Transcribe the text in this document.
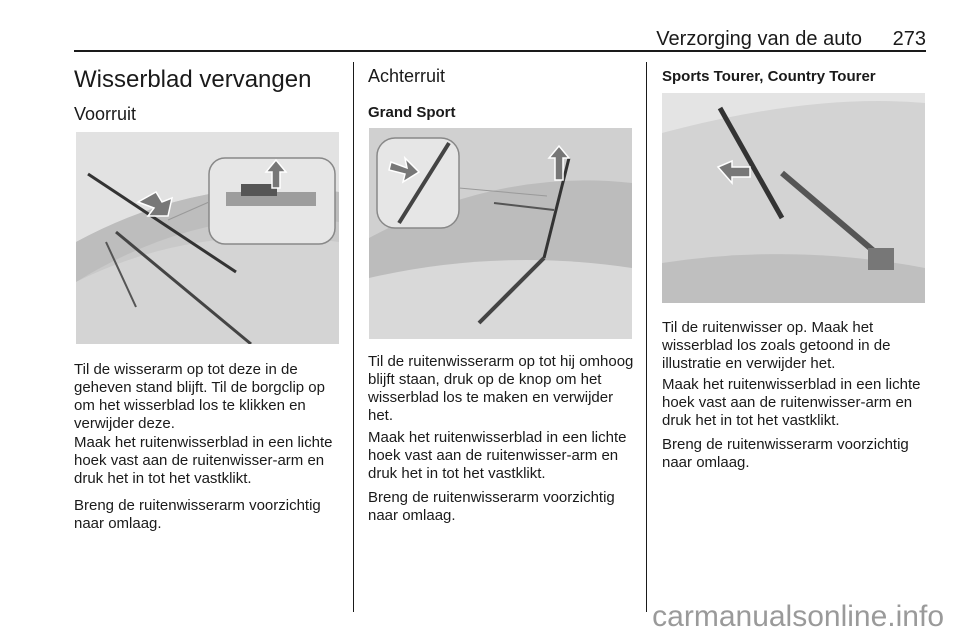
Verzorging van de auto 273
Wisserblad vervangen
Voorruit

Til de wisserarm op tot deze in de geheven stand blijft. Til de borgclip op om het wisserblad los te klikken en verwijder deze.

Maak het ruitenwisserblad in een lichte hoek vast aan de ruitenwisser-arm en druk het in tot het vastklikt.

Breng de ruitenwisserarm voorzichtig naar omlaag.

Achterruit
Grand Sport

Til de ruitenwisserarm op tot hij omhoog blijft staan, druk op de knop om het wisserblad los te maken en verwijder het.

Maak het ruitenwisserblad in een lichte hoek vast aan de ruitenwisser-arm en druk het in tot het vastklikt.

Breng de ruitenwisserarm voorzichtig naar omlaag.

Sports Tourer, Country Tourer

Til de ruitenwisser op. Maak het wisserblad los zoals getoond in de illustratie en verwijder het.

Maak het ruitenwisserblad in een lichte hoek vast aan de ruitenwisser-arm en druk het in tot het vastklikt.

Breng de ruitenwisserarm voorzichtig naar omlaag.

carmanualsonline.info
